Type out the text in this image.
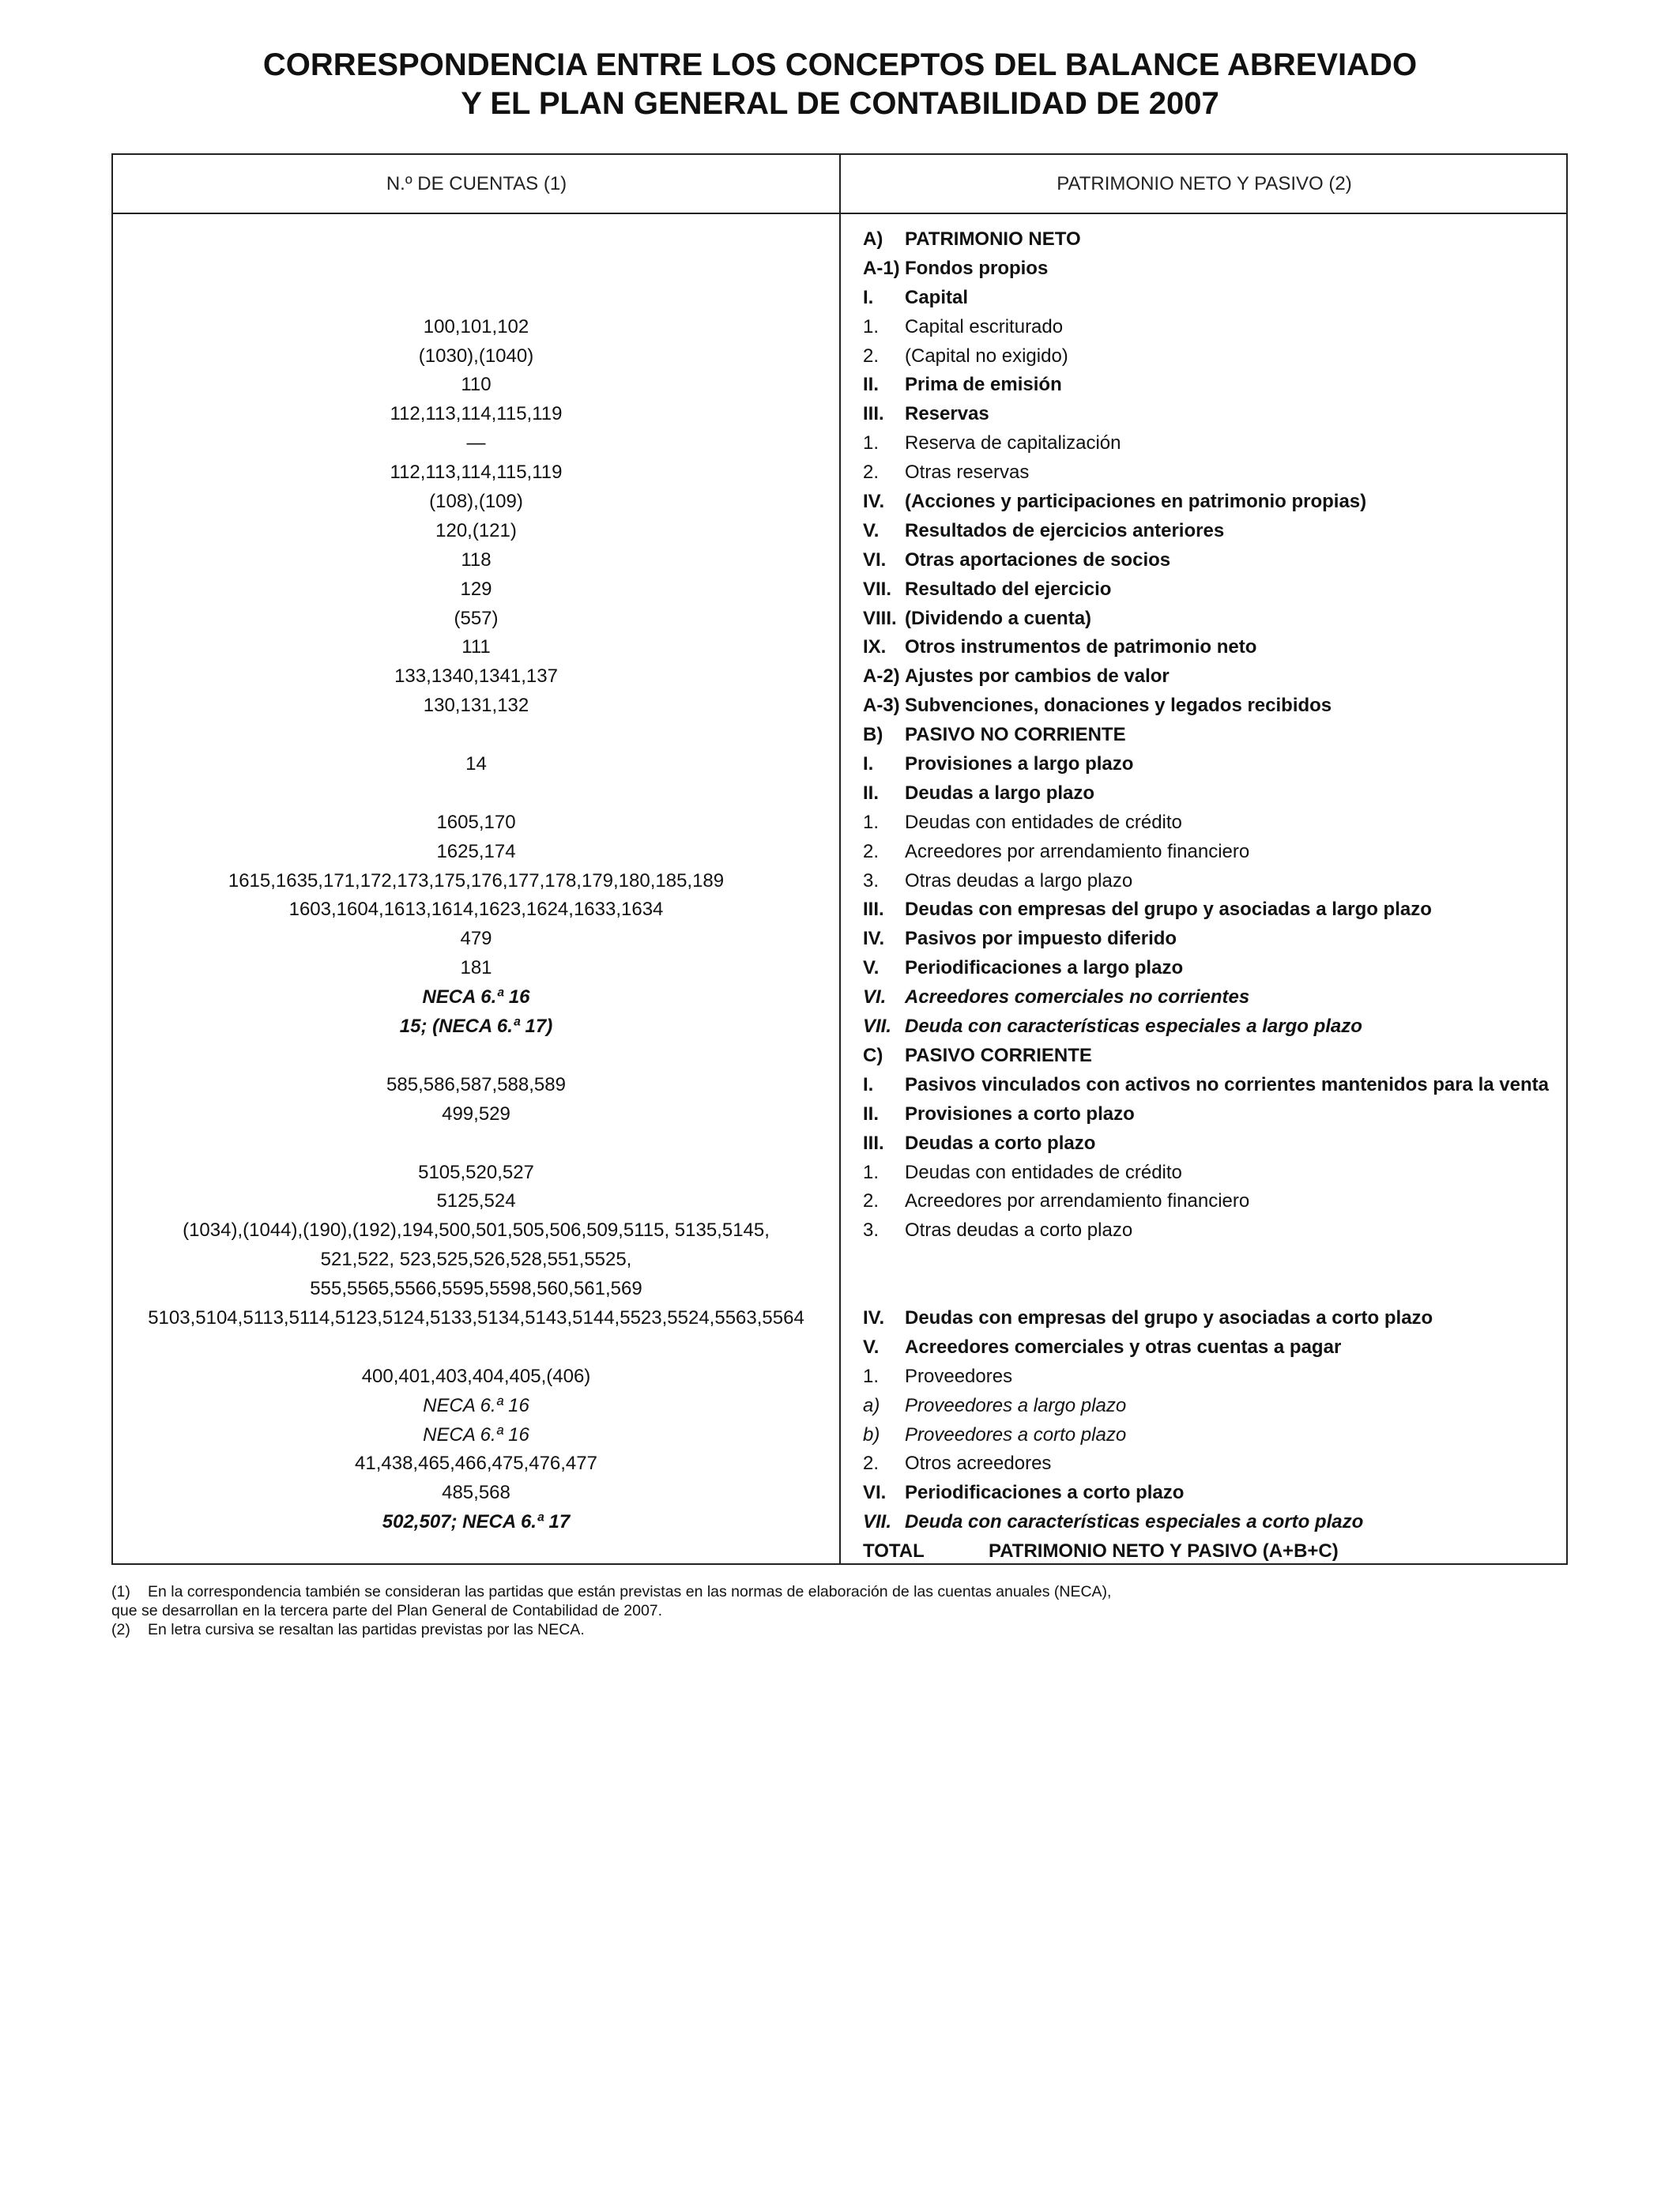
CORRESPONDENCIA ENTRE LOS CONCEPTOS DEL BALANCE ABREVIADO
Y EL PLAN GENERAL DE CONTABILIDAD DE 2007
N.º DE CUENTAS (1)	PATRIMONIO NETO Y PASIVO (2)
A) PATRIMONIO NETO
A-1) Fondos propios
I. Capital
100,101,102	1. Capital escriturado
(1030),(1040)	2. (Capital no exigido)
110	II. Prima de emisión
112,113,114,115,119	III. Reservas
—	1. Reserva de capitalización
112,113,114,115,119	2. Otras reservas
(108),(109)	IV. (Acciones y participaciones en patrimonio propias)
120,(121)	V. Resultados de ejercicios anteriores
118	VI. Otras aportaciones de socios
129	VII. Resultado del ejercicio
(557)	VIII. (Dividendo a cuenta)
111	IX. Otros instrumentos de patrimonio neto
133,1340,1341,137	A-2) Ajustes por cambios de valor
130,131,132	A-3) Subvenciones, donaciones y legados recibidos
B) PASIVO NO CORRIENTE
14	I. Provisiones a largo plazo
II. Deudas a largo plazo
1605,170	1. Deudas con entidades de crédito
1625,174	2. Acreedores por arrendamiento financiero
1615,1635,171,172,173,175,176,177,178,179,180,185,189	3. Otras deudas a largo plazo
1603,1604,1613,1614,1623,1624,1633,1634	III. Deudas con empresas del grupo y asociadas a largo plazo
479	IV. Pasivos por impuesto diferido
181	V. Periodificaciones a largo plazo
NECA 6.ª 16	VI. Acreedores comerciales no corrientes
15; (NECA 6.ª 17)	VII. Deuda con características especiales a largo plazo
C) PASIVO CORRIENTE
585,586,587,588,589	I. Pasivos vinculados con activos no corrientes mantenidos para la venta
499,529	II. Provisiones a corto plazo
III. Deudas a corto plazo
5105,520,527	1. Deudas con entidades de crédito
5125,524	2. Acreedores por arrendamiento financiero
(1034),(1044),(190),(192),194,500,501,505,506,509,5115, 5135,5145,	3. Otras deudas a corto plazo
521,522, 523,525,526,528,551,5525,
555,5565,5566,5595,5598,560,561,569
5103,5104,5113,5114,5123,5124,5133,5134,5143,5144,5523,5524,5563,5564	IV. Deudas con empresas del grupo y asociadas a corto plazo
V. Acreedores comerciales y otras cuentas a pagar
400,401,403,404,405,(406)	1. Proveedores
NECA 6.ª 16	a) Proveedores a largo plazo
NECA 6.ª 16	b) Proveedores a corto plazo
41,438,465,466,475,476,477	2. Otros acreedores
485,568	VI. Periodificaciones a corto plazo
502,507; NECA 6.ª 17	VII. Deuda con características especiales a corto plazo
TOTAL	PATRIMONIO NETO Y PASIVO (A+B+C)
(1) En la correspondencia también se consideran las partidas que están previstas en las normas de elaboración de las cuentas anuales (NECA),
que se desarrollan en la tercera parte del Plan General de Contabilidad de 2007.
(2) En letra cursiva se resaltan las partidas previstas por las NECA.
